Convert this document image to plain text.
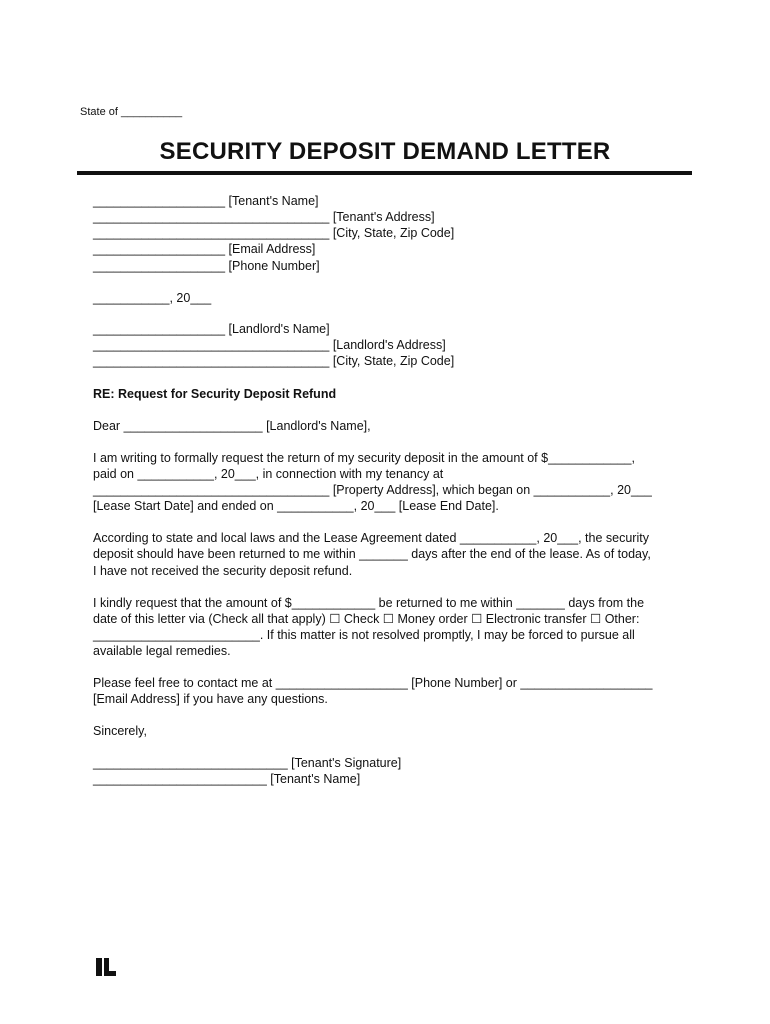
State of __________
SECURITY DEPOSIT DEMAND LETTER
___________________ [Tenant's Name]
__________________________________ [Tenant's Address]
__________________________________ [City, State, Zip Code]
___________________ [Email Address]
___________________ [Phone Number]
___________, 20___
___________________ [Landlord's Name]
__________________________________ [Landlord's Address]
__________________________________ [City, State, Zip Code]
RE: Request for Security Deposit Refund
Dear ____________________ [Landlord's Name],
I am writing to formally request the return of my security deposit in the amount of $____________,
paid on ___________, 20___, in connection with my tenancy at
__________________________________ [Property Address], which began on ___________, 20___
[Lease Start Date] and ended on ___________, 20___ [Lease End Date].
According to state and local laws and the Lease Agreement dated ___________, 20___, the security
deposit should have been returned to me within _______ days after the end of the lease. As of today,
I have not received the security deposit refund.
I kindly request that the amount of $____________ be returned to me within _______ days from the
date of this letter via (Check all that apply) ☐ Check ☐ Money order ☐ Electronic transfer ☐ Other:
________________________. If this matter is not resolved promptly, I may be forced to pursue all
available legal remedies.
Please feel free to contact me at ___________________ [Phone Number] or ___________________
[Email Address] if you have any questions.
Sincerely,
____________________________ [Tenant's Signature]
_________________________ [Tenant's Name]
